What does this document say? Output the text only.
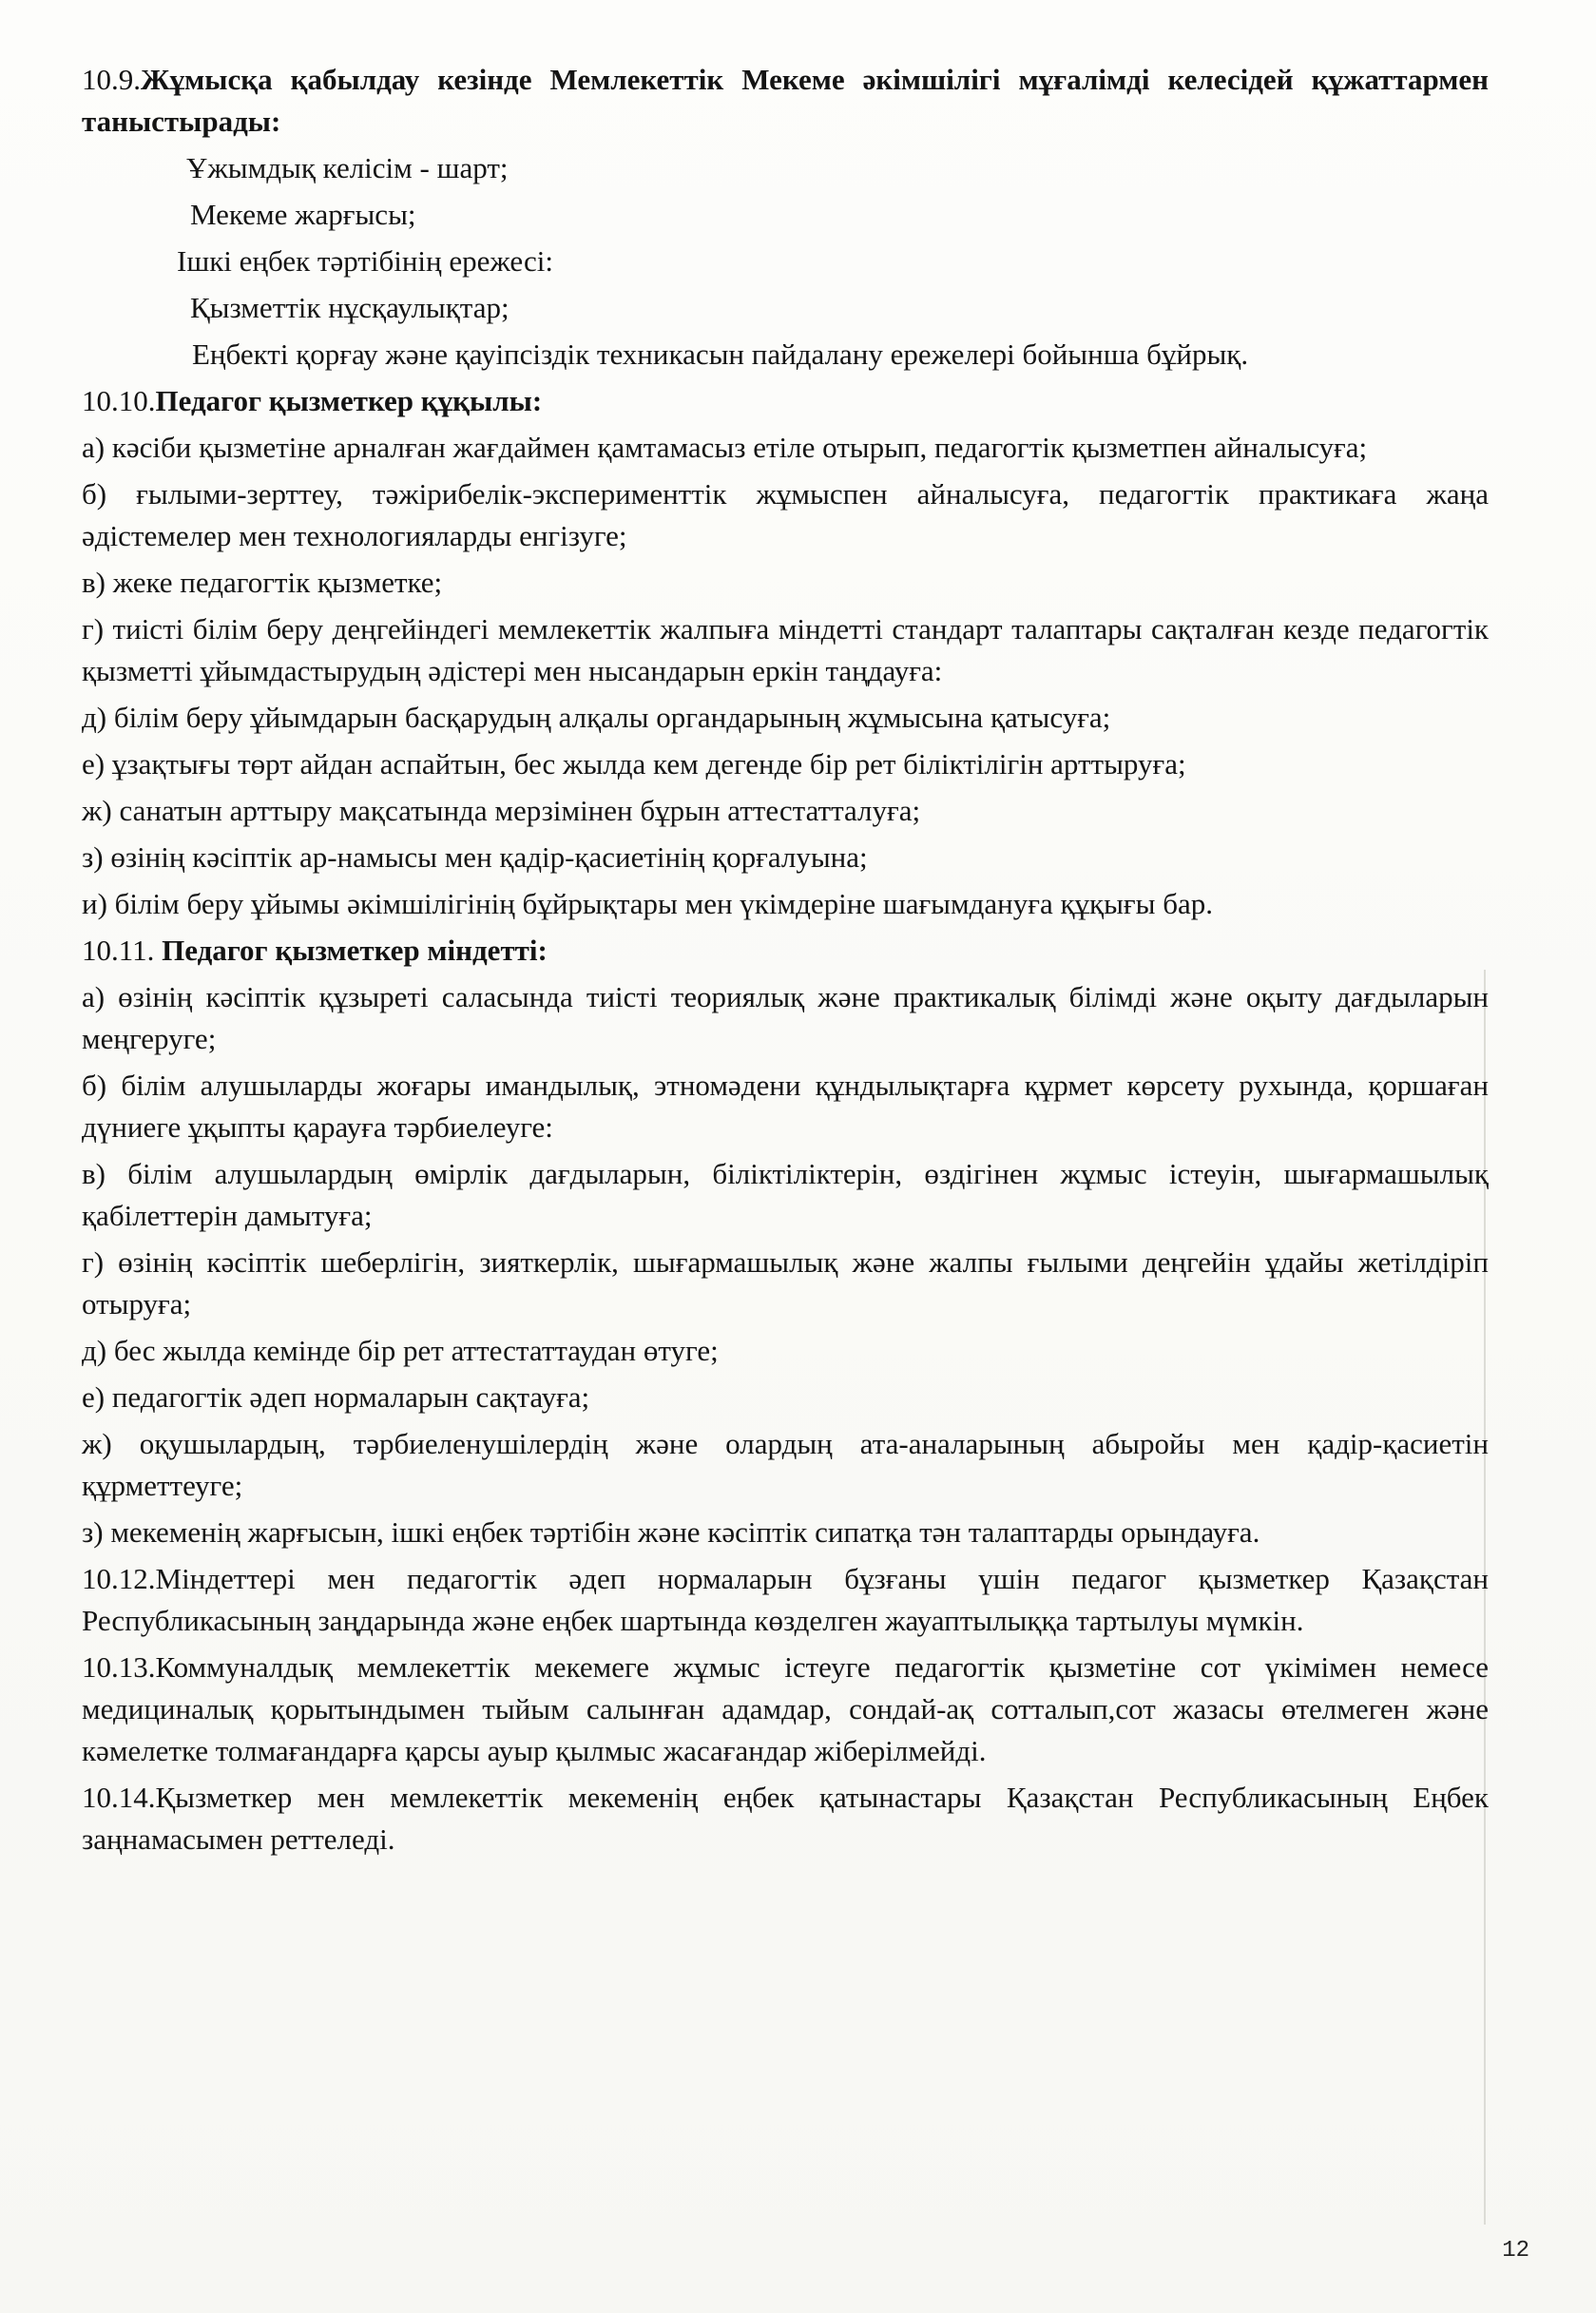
10.9.Жұмысқа қабылдау кезінде Мемлекеттік Мекеме әкімшілігі мұғалімді келесідей құжаттармен таныстырады:

Ұжымдық келісім - шарт;

Мекеме жарғысы;

Ішкі еңбек тәртібінің ережесі:

Қызметтік нұсқаулықтар;

Еңбекті қорғау және қауіпсіздік техникасын пайдалану ережелері бойынша бұйрық.

10.10.Педагог қызметкер құқылы:

а) кәсіби қызметіне арналған жағдаймен қамтамасыз етіле отырып, педагогтік қызметпен айналысуға;

б) ғылыми-зерттеу, тәжірибелік-эксперименттік жұмыспен айналысуға, педагогтік практикаға жаңа әдістемелер мен технологияларды енгізуге;

в) жеке педагогтік қызметке;

г) тиісті білім беру деңгейіндегі мемлекеттік жалпыға міндетті стандарт талаптары сақталған кезде педагогтік қызметті ұйымдастырудың әдістері мен нысандарын еркін таңдауға:

д) білім беру ұйымдарын басқарудың алқалы органдарының жұмысына қатысуға;

е) ұзақтығы төрт айдан аспайтын, бес жылда кем дегенде бір рет біліктілігін арттыруға;

ж) санатын арттыру мақсатында мерзімінен бұрын аттестатталуға;

з) өзінің кәсіптік ар-намысы мен қадір-қасиетінің қорғалуына;

и) білім беру ұйымы әкімшілігінің бұйрықтары мен үкімдеріне шағымдануға құқығы бар.

10.11. Педагог қызметкер міндетті:

а) өзінің кәсіптік құзыреті саласында тиісті теориялық және практикалық білімді және оқыту дағдыларын меңгеруге;

б) білім алушыларды жоғары имандылық, этномәдени құндылықтарға құрмет көрсету рухында, қоршаған дүниеге ұқыпты қарауға тәрбиелеуге:

в) білім алушылардың өмірлік дағдыларын, біліктіліктерін, өздігінен жұмыс істеуін, шығармашылық қабілеттерін дамытуға;

г) өзінің кәсіптік шеберлігін, зияткерлік, шығармашылық және жалпы ғылыми деңгейін ұдайы жетілдіріп отыруға;

д) бес жылда кемінде бір рет аттестаттаудан өтуге;

е) педагогтік әдеп нормаларын сақтауға;

ж) оқушылардың, тәрбиеленушілердің және олардың ата-аналарының абыройы мен қадір-қасиетін құрметтеуге;

з) мекеменің жарғысын, ішкі еңбек тәртібін және кәсіптік сипатқа тән талаптарды орындауға.

10.12.Міндеттері мен педагогтік әдеп нормаларын бұзғаны үшін педагог қызметкер Қазақстан Республикасының заңдарында және еңбек шартында көзделген жауаптылыққа тартылуы мүмкін.

10.13.Коммуналдық мемлекеттік мекемеге жұмыс істеуге педагогтік қызметіне сот үкімімен немесе медициналық қорытындымен тыйым салынған адамдар, сондай-ақ сотталып,сот жазасы өтелмеген және кәмелетке толмағандарға қарсы ауыр қылмыс жасағандар жіберілмейді.

10.14.Қызметкер мен мемлекеттік мекеменің еңбек қатынастары Қазақстан Республикасының Еңбек заңнамасымен реттеледі.

12
